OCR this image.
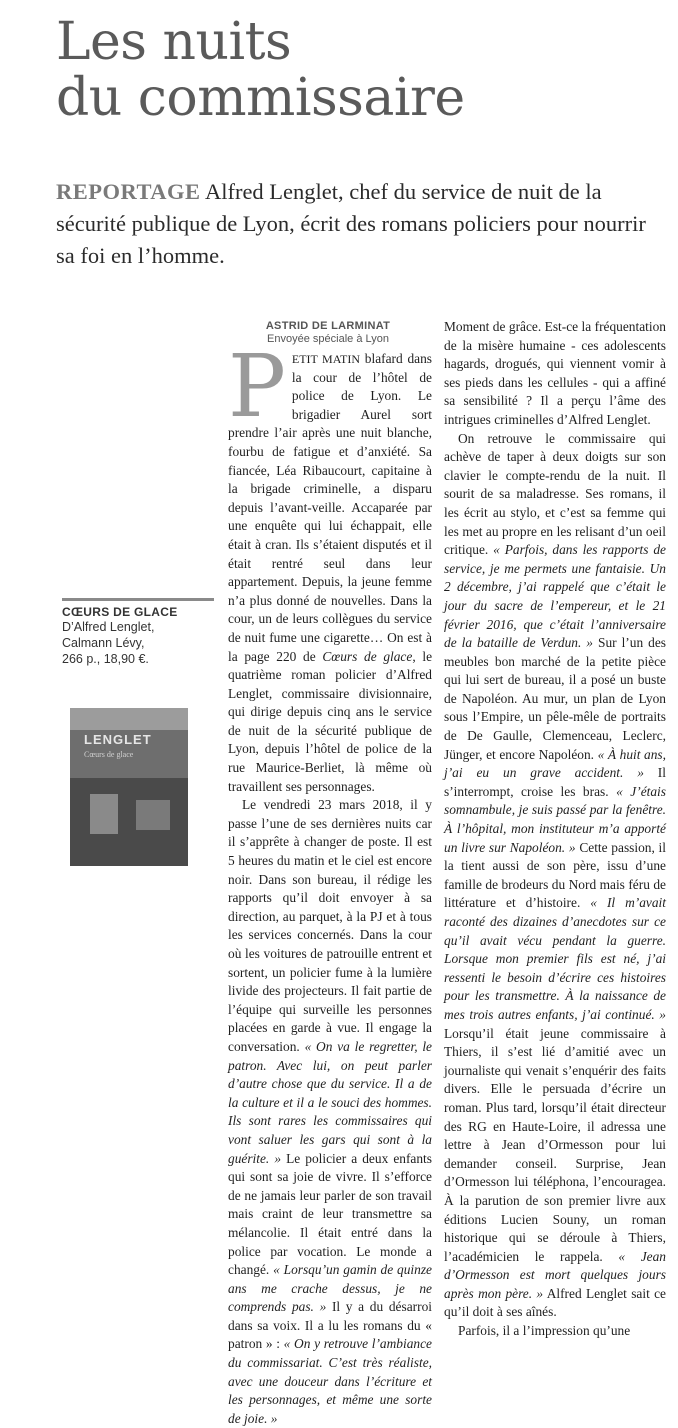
Les nuits
du commissaire
REPORTAGE Alfred Lenglet, chef du service de nuit de la sécurité publique de Lyon, écrit des romans policiers pour nourrir sa foi en l’homme.
ASTRID DE LARMINAT
Envoyée spéciale à Lyon
CŒURS DE GLACE
D’Alfred Lenglet,
Calmann Lévy,
266 p., 18,90 €.
LENGLET
Cœurs de glace

PETIT MATIN blafard dans la cour de l’hôtel de police de Lyon. Le brigadier Aurel sort prendre l’air après une nuit blanche, fourbu de fatigue et d’anxiété. Sa fiancée, Léa Ribaucourt, capitaine à la brigade criminelle, a disparu depuis l’avant-veille. Accaparée par une enquête qui lui échappait, elle était à cran. Ils s’étaient disputés et il était rentré seul dans leur appartement. Depuis, la jeune femme n’a plus donné de nouvelles. Dans la cour, un de leurs collègues du service de nuit fume une cigarette… On est à la page 220 de Cœurs de glace, le quatrième roman policier d’Alfred Lenglet, commissaire divisionnaire, qui dirige depuis cinq ans le service de nuit de la sécurité publique de Lyon, depuis l’hôtel de police de la rue Maurice-Berliet, là même où travaillent ses personnages.

Le vendredi 23 mars 2018, il y passe l’une de ses dernières nuits car il s’apprête à changer de poste. Il est 5 heures du matin et le ciel est encore noir. Dans son bureau, il rédige les rapports qu’il doit envoyer à sa direction, au parquet, à la PJ et à tous les services concernés. Dans la cour où les voitures de patrouille entrent et sortent, un policier fume à la lumière livide des projecteurs. Il fait partie de l’équipe qui surveille les personnes placées en garde à vue. Il engage la conversation. « On va le regretter, le patron. Avec lui, on peut parler d’autre chose que du service. Il a de la culture et il a le souci des hommes. Ils sont rares les commissaires qui vont saluer les gars qui sont à la guérite. » Le policier a deux enfants qui sont sa joie de vivre. Il s’efforce de ne jamais leur parler de son travail mais craint de leur transmettre sa mélancolie. Il était entré dans la police par vocation. Le monde a changé. « Lorsqu’un gamin de quinze ans me crache dessus, je ne comprends pas. » Il y a du désarroi dans sa voix. Il a lu les romans du « patron » : « On y retrouve l’ambiance du commissariat. C’est très réaliste, avec une douceur dans l’écriture et les personnages, et même une sorte de joie. »

Moment de grâce. Est-ce la fréquentation de la misère humaine - ces adolescents hagards, drogués, qui viennent vomir à ses pieds dans les cellules - qui a affiné sa sensibilité ? Il a perçu l’âme des intrigues criminelles d’Alfred Lenglet.

On retrouve le commissaire qui achève de taper à deux doigts sur son clavier le compte-rendu de la nuit. Il sourit de sa maladresse. Ses romans, il les écrit au stylo, et c’est sa femme qui les met au propre en les relisant d’un oeil critique. « Parfois, dans les rapports de service, je me permets une fantaisie. Un 2 décembre, j’ai rappelé que c’était le jour du sacre de l’empereur, et le 21 février 2016, que c’était l’anniversaire de la bataille de Verdun. » Sur l’un des meubles bon marché de la petite pièce qui lui sert de bureau, il a posé un buste de Napoléon. Au mur, un plan de Lyon sous l’Empire, un pêle-mêle de portraits de De Gaulle, Clemenceau, Leclerc, Jünger, et encore Napoléon. « À huit ans, j’ai eu un grave accident. » Il s’interrompt, croise les bras. « J’étais somnambule, je suis passé par la fenêtre. À l’hôpital, mon instituteur m’a apporté un livre sur Napoléon. » Cette passion, il la tient aussi de son père, issu d’une famille de brodeurs du Nord mais féru de littérature et d’histoire. « Il m’avait raconté des dizaines d’anecdotes sur ce qu’il avait vécu pendant la guerre. Lorsque mon premier fils est né, j’ai ressenti le besoin d’écrire ces histoires pour les transmettre. À la naissance de mes trois autres enfants, j’ai continué. » Lorsqu’il était jeune commissaire à Thiers, il s’est lié d’amitié avec un journaliste qui venait s’enquérir des faits divers. Elle le persuada d’écrire un roman. Plus tard, lorsqu’il était directeur des RG en Haute-Loire, il adressa une lettre à Jean d’Ormesson pour lui demander conseil. Surprise, Jean d’Ormesson lui téléphona, l’encouragea. À la parution de son premier livre aux éditions Lucien Souny, un roman historique qui se déroule à Thiers, l’académicien le rappela. « Jean d’Ormesson est mort quelques jours après mon père. » Alfred Lenglet sait ce qu’il doit à ses aînés.

Parfois, il a l’impression qu’une
